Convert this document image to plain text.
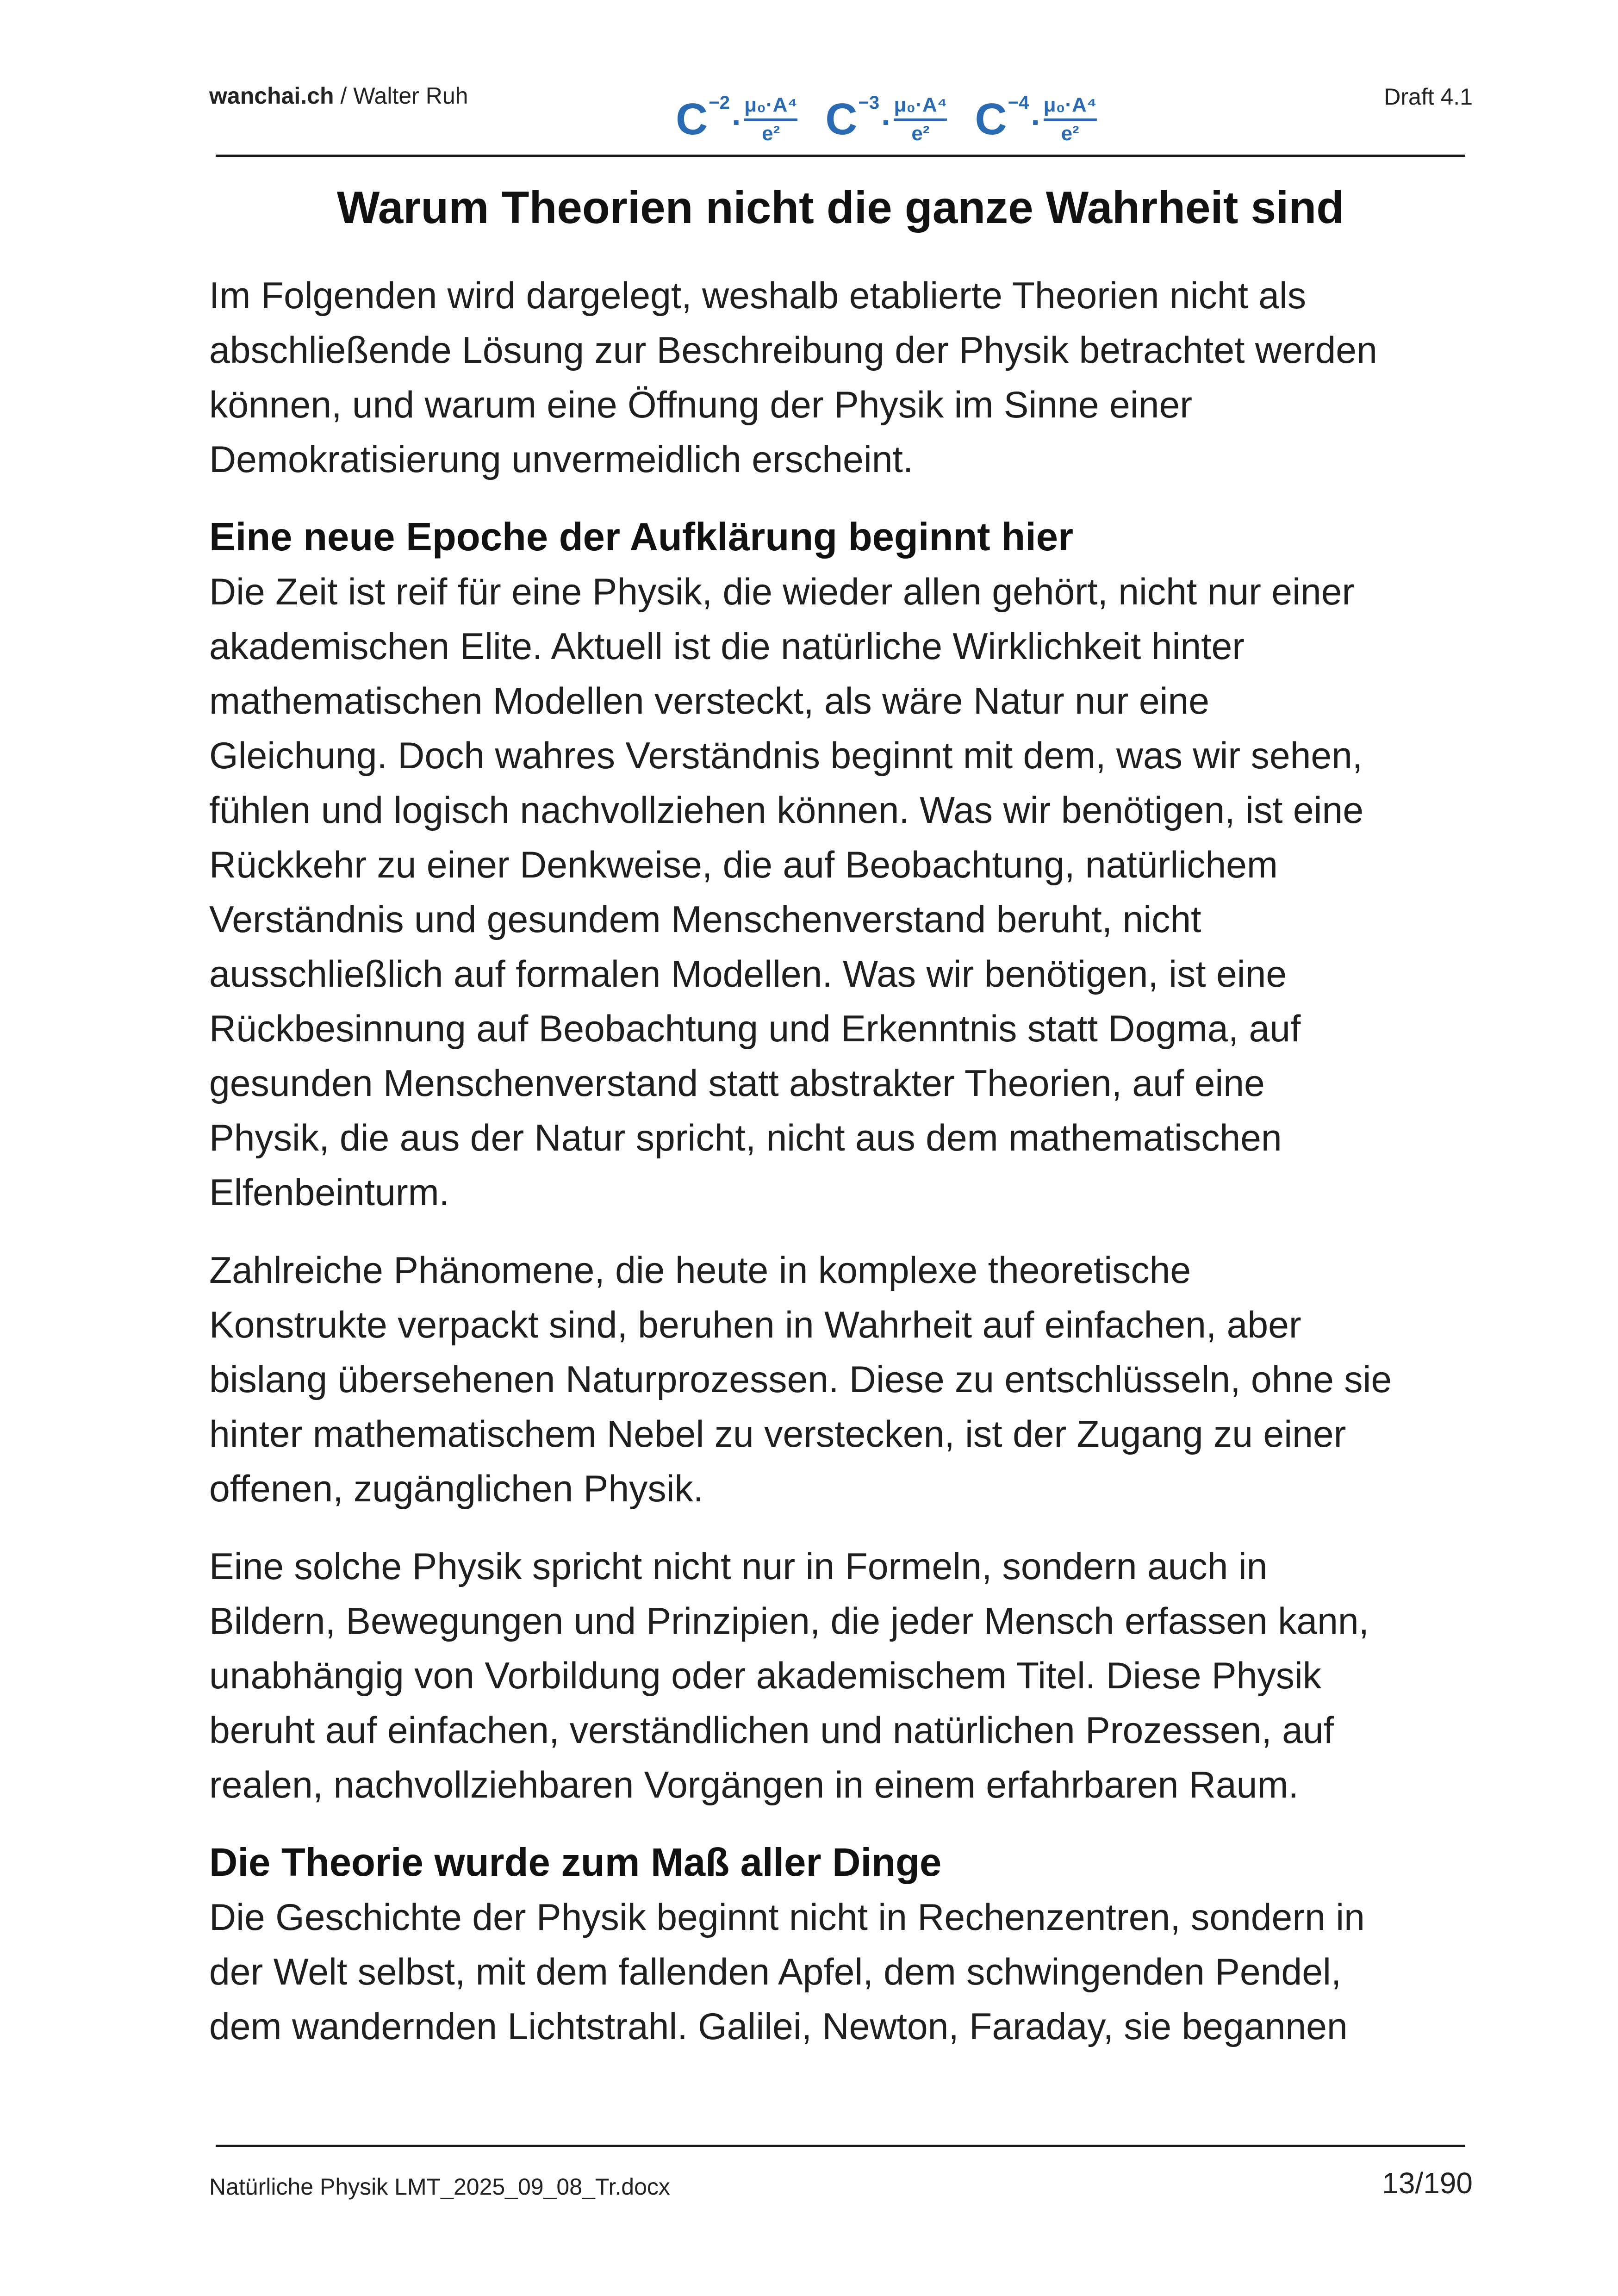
wanchai.ch / Walter Ruh	C −2
· μ₀·A⁴
e² C −3
· μ₀·A⁴
e² C −4
· μ₀·A⁴
e²
Draft 4.1
Warum Theorien nicht die ganze Wahrheit sind

Im Folgenden wird dargelegt, weshalb etablierte Theorien nicht als
abschließende Lösung zur Beschreibung der Physik betrachtet werden
können, und warum eine Öffnung der Physik im Sinne einer
Demokratisierung unvermeidlich erscheint.

Eine neue Epoche der Aufklärung beginnt hier

Die Zeit ist reif für eine Physik, die wieder allen gehört, nicht nur einer
akademischen Elite. Aktuell ist die natürliche Wirklichkeit hinter
mathematischen Modellen versteckt, als wäre Natur nur eine
Gleichung. Doch wahres Verständnis beginnt mit dem, was wir sehen,
fühlen und logisch nachvollziehen können. Was wir benötigen, ist eine
Rückkehr zu einer Denkweise, die auf Beobachtung, natürlichem
Verständnis und gesundem Menschenverstand beruht, nicht
ausschließlich auf formalen Modellen. Was wir benötigen, ist eine
Rückbesinnung auf Beobachtung und Erkenntnis statt Dogma, auf
gesunden Menschenverstand statt abstrakter Theorien, auf eine
Physik, die aus der Natur spricht, nicht aus dem mathematischen
Elfenbeinturm.

Zahlreiche Phänomene, die heute in komplexe theoretische
Konstrukte verpackt sind, beruhen in Wahrheit auf einfachen, aber
bislang übersehenen Naturprozessen. Diese zu entschlüsseln, ohne sie
hinter mathematischem Nebel zu verstecken, ist der Zugang zu einer
offenen, zugänglichen Physik.

Eine solche Physik spricht nicht nur in Formeln, sondern auch in
Bildern, Bewegungen und Prinzipien, die jeder Mensch erfassen kann,
unabhängig von Vorbildung oder akademischem Titel. Diese Physik
beruht auf einfachen, verständlichen und natürlichen Prozessen, auf
realen, nachvollziehbaren Vorgängen in einem erfahrbaren Raum.

Die Theorie wurde zum Maß aller Dinge

Die Geschichte der Physik beginnt nicht in Rechenzentren, sondern in
der Welt selbst, mit dem fallenden Apfel, dem schwingenden Pendel,
dem wandernden Lichtstrahl. Galilei, Newton, Faraday, sie begannen

Natürliche Physik LMT_2025_09_08_Tr.docx	13/190
